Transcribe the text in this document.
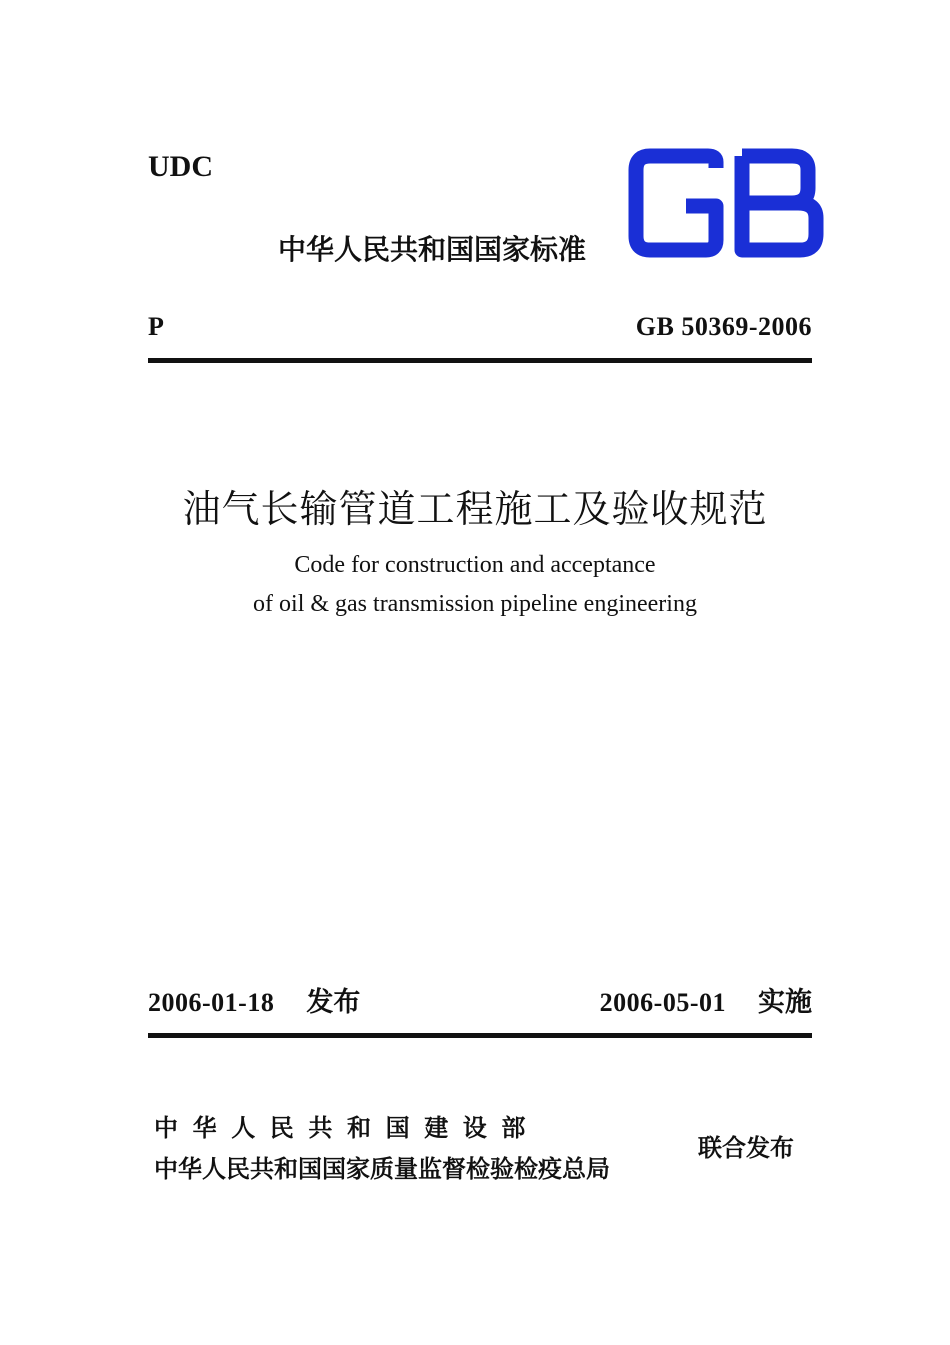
UDC
中华人民共和国国家标准
P	GB 50369-2006
油气长输管道工程施工及验收规范
Code for construction and acceptance
of oil & gas transmission pipeline engineering
2006-01-18 发布	2006-05-01 实施
中华人民共和国建设部
中华人民共和国国家质量监督检验检疫总局
联合发布
